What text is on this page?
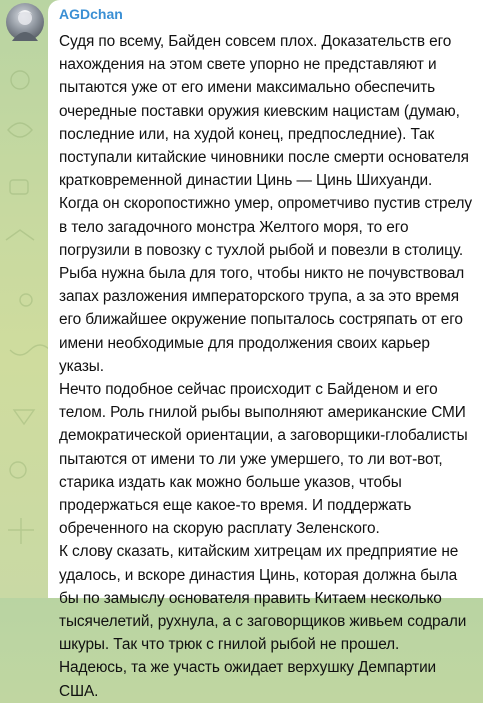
AGDchan

Судя по всему, Байден совсем плох. Доказательств его нахождения на этом свете упорно не представляют и пытаются уже от его имени максимально обеспечить очередные поставки оружия киевским нацистам (думаю, последние или, на худой конец, предпоследние). Так поступали китайские чиновники после смерти основателя кратковременной династии Цинь — Цинь Шихуанди. Когда он скоропостижно умер, опрометчиво пустив стрелу в тело загадочного монстра Желтого моря, то его погрузили в повозку с тухлой рыбой и повезли в столицу. Рыба нужна была для того, чтобы никто не почувствовал запах разложения императорского трупа, а за это время его ближайшее окружение попыталось состряпать от его имени необходимые для продолжения своих карьер указы.

Нечто подобное сейчас происходит с Байденом и его телом. Роль гнилой рыбы выполняют американские СМИ демократической ориентации, а заговорщики-глобалисты пытаются от имени то ли уже умершего, то ли вот-вот, старика издать как можно больше указов, чтобы продержаться еще какое-то время. И поддержать обреченного на скорую расплату Зеленского.

К слову сказать, китайским хитрецам их предприятие не удалось, и вскоре династия Цинь, которая должна была бы по замыслу основателя править Китаем несколько тысячелетий, рухнула, а с заговорщиков живьем содрали шкуры. Так что трюк с гнилой рыбой не прошел.

Надеюсь, та же участь ожидает верхушку Демпартии США.
